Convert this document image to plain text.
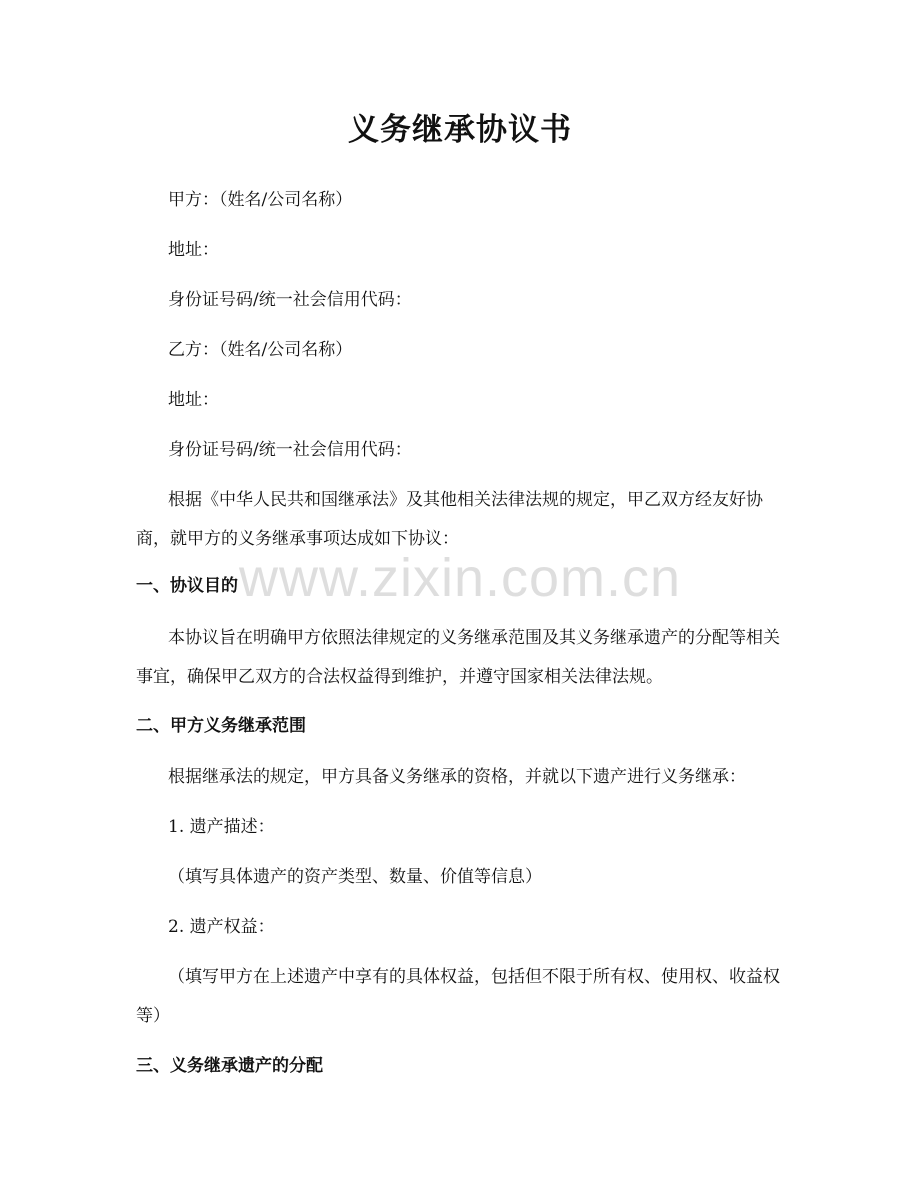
义务继承协议书

甲方：（姓名/公司名称）

地址：

身份证号码/统一社会信用代码：

乙方：（姓名/公司名称）

地址：

身份证号码/统一社会信用代码：

根据《中华人民共和国继承法》及其他相关法律法规的规定，甲乙双方经友好协商，就甲方的义务继承事项达成如下协议：

一、协议目的

本协议旨在明确甲方依照法律规定的义务继承范围及其义务继承遗产的分配等相关事宜，确保甲乙双方的合法权益得到维护，并遵守国家相关法律法规。

二、甲方义务继承范围

根据继承法的规定，甲方具备义务继承的资格，并就以下遗产进行义务继承：

1. 遗产描述：

（填写具体遗产的资产类型、数量、价值等信息）

2. 遗产权益：

（填写甲方在上述遗产中享有的具体权益，包括但不限于所有权、使用权、收益权等）

三、义务继承遗产的分配
www.zixin.com.cn
